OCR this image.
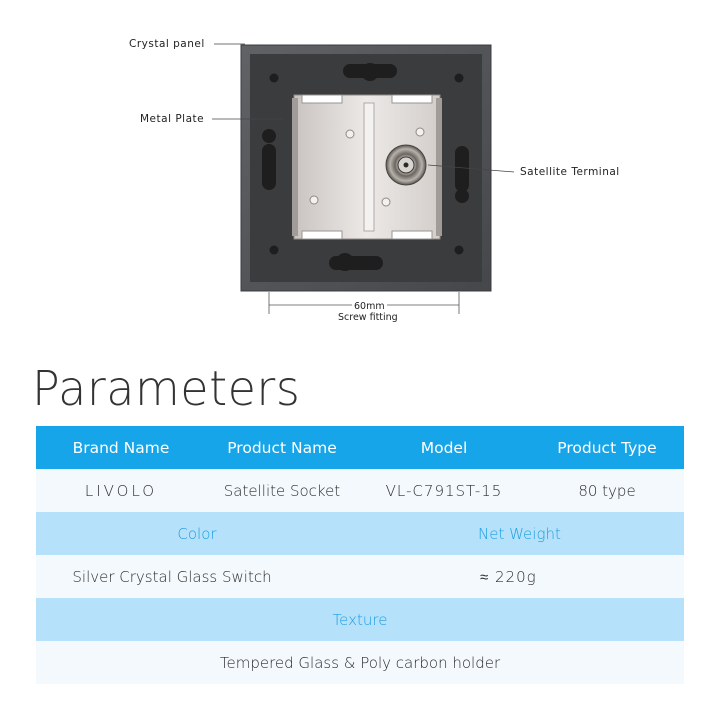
Crystal panel
Metal Plate
Satellite Terminal
60mm
Screw fitting
Parameters
Brand Name	Product Name	Model	Product Type
LIVOLO	Satellite Socket	VL-C791ST-15	80 type
Color		Net Weight	
Silver Crystal Glass Switch		≈ 220g	
Texture			
Tempered Glass & Poly carbon holder			
